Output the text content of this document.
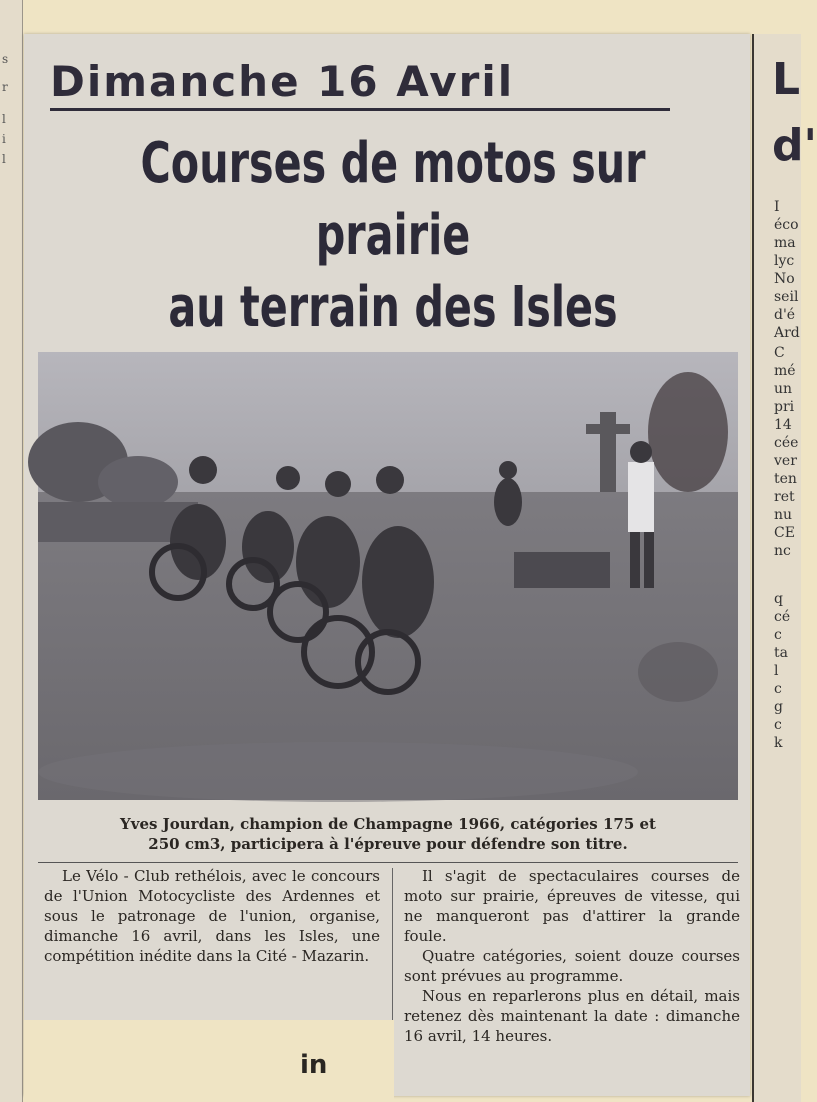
s
r
l
i
l
Dimanche 16 Avril
Courses de motos sur prairie
au terrain des Isles
Yves Jourdan, champion de Champagne 1966, catégories 175 et
250 cm3, participera à l'épreuve pour défendre son titre.

Le Vélo - Club rethélois, avec le concours de l'Union Motocycliste des Ardennes et sous le patronage de l'union, organise, dimanche 16 avril, dans les Isles, une compétition inédite dans la Cité - Mazarin.

Il s'agit de spectaculaires courses de moto sur prairie, épreuves de vitesse, qui ne manqueront pas d'attirer la grande foule.

Quatre catégories, soient douze courses sont prévues au programme.

Nous en reparlerons plus en détail, mais retenez dès maintenant la date : dimanche 16 avril, 14 heures.

in
L
d'
I
éco
ma
lyc
No
seil
d'é
Ard
C
mé
un
pri
14
cée
ver
ten
ret
nu
CE
nc
q
cé
c
ta
l
c
g
c
k
